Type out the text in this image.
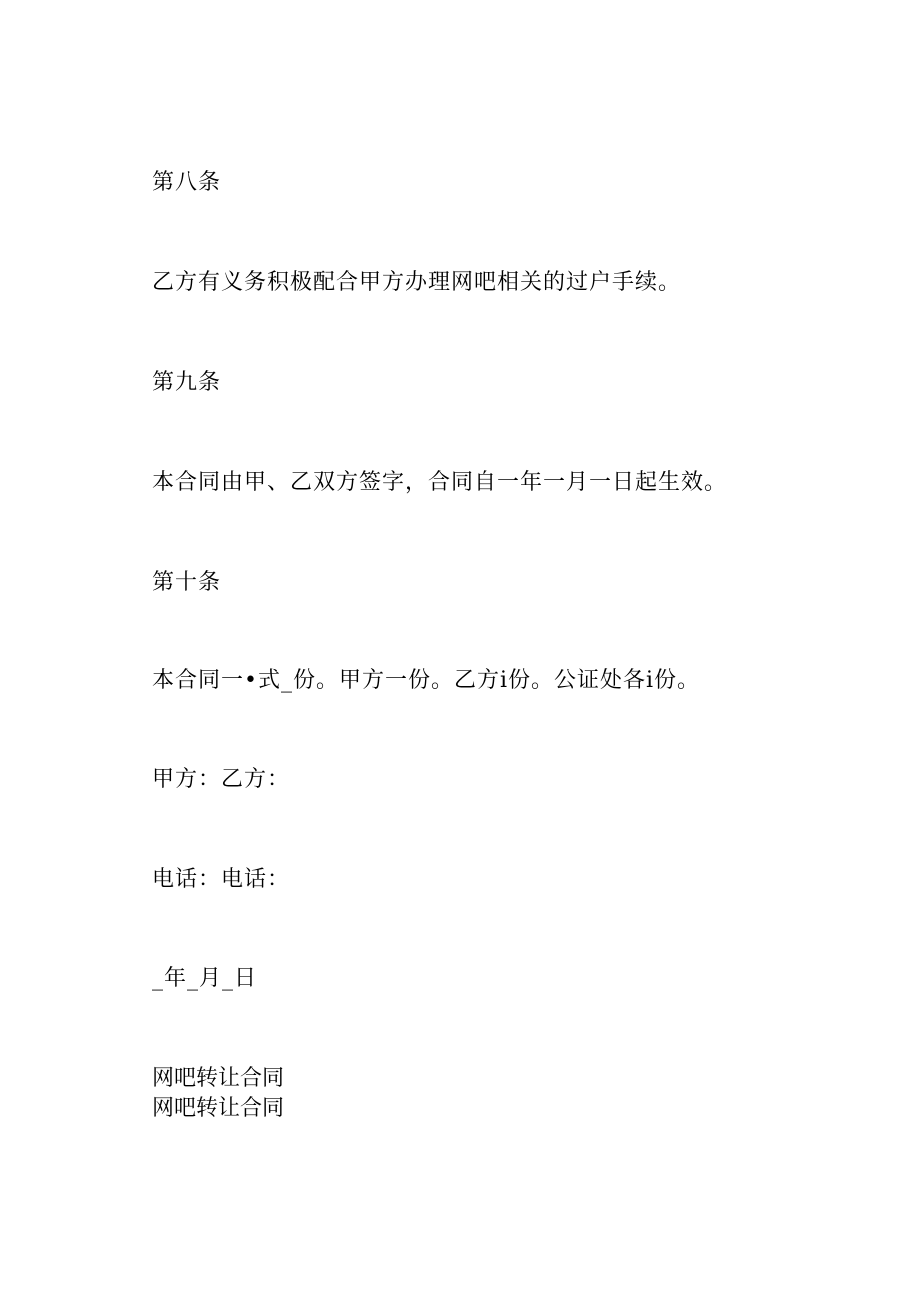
第八条
乙方有义务积极配合甲方办理网吧相关的过户手续。
第九条
本合同由甲、乙双方签字，合同自一年一月一日起生效。
第十条
本合同一•式_份。甲方一份。乙方i份。公证处各i份。
甲方：乙方：
电话：电话：
_年_月_日
网吧转让合同
网吧转让合同
